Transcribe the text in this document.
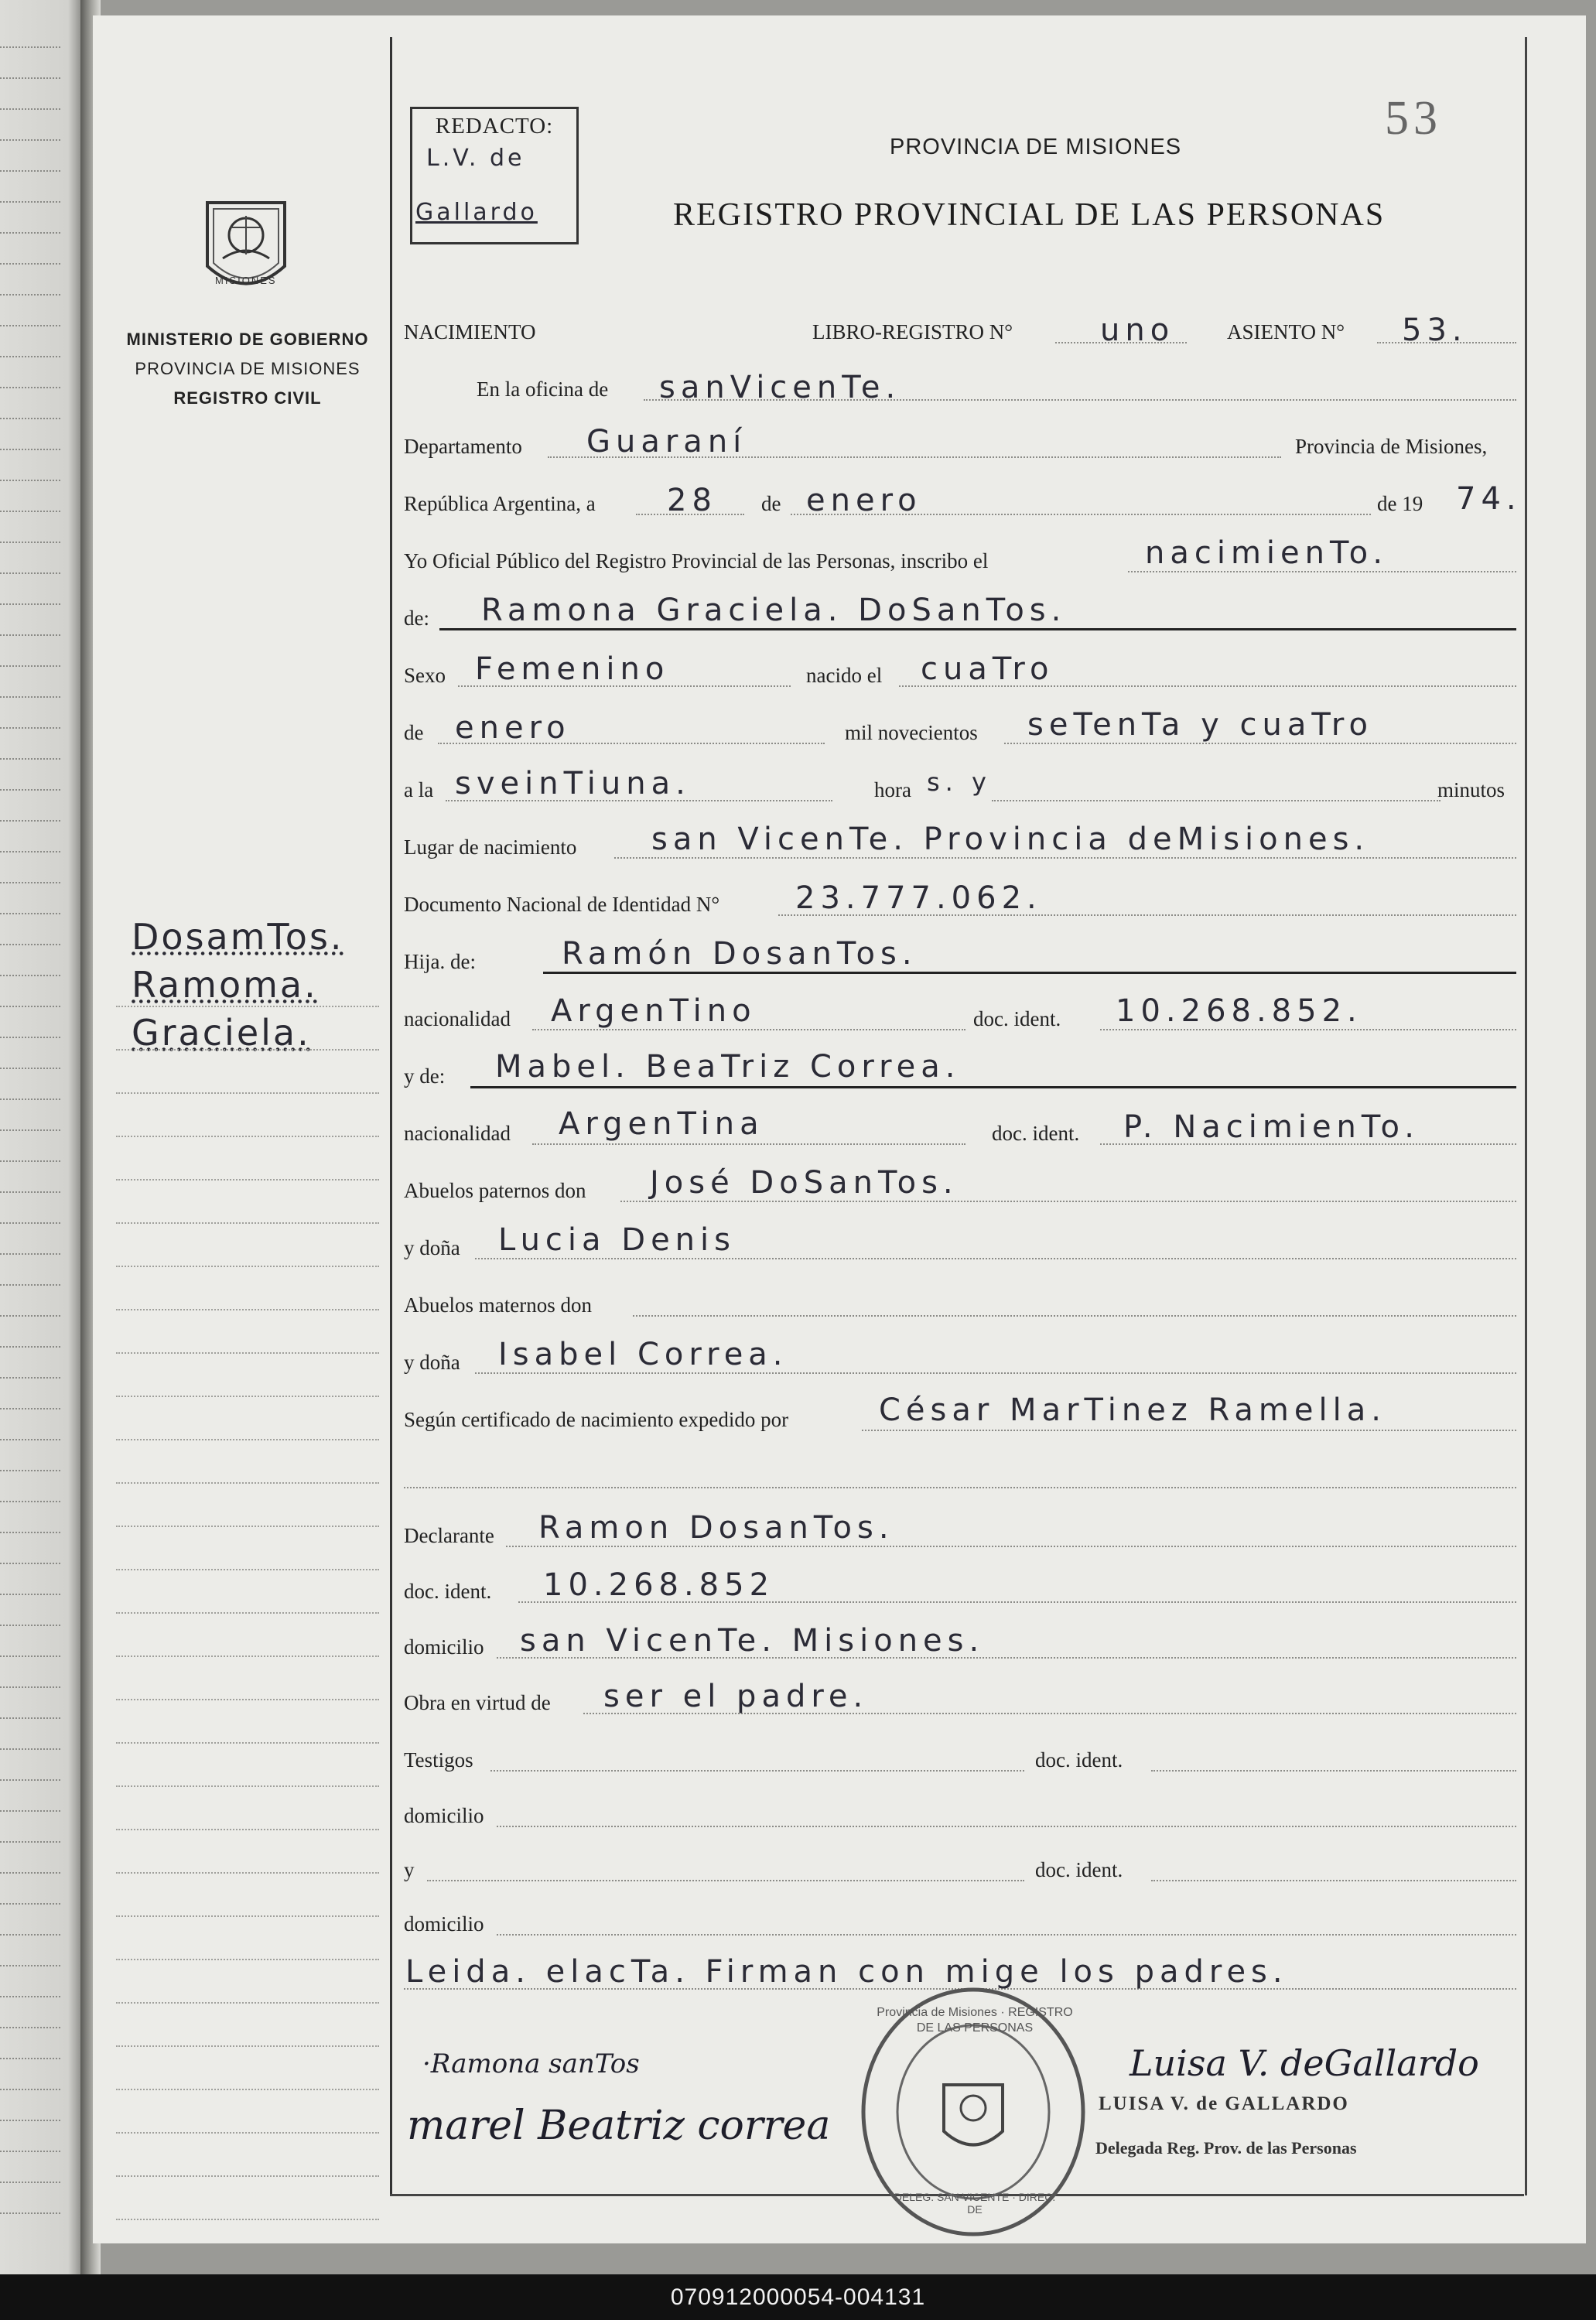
MISIONES
MINISTERIO DE GOBIERNO
PROVINCIA DE MISIONES
REGISTRO CIVIL
DosamTos.
Ramoma.
Graciela.
REDACTO:
L.V. de
Gallardo
53
PROVINCIA DE MISIONES
REGISTRO PROVINCIAL DE LAS PERSONAS
NACIMIENTO	LIBRO-REGISTRO N°	uno	ASIENTO N° 53.
En la oficina de sanVicenTe.
Departamento Guaraní	Provincia de Misiones,
República Argentina, a 28 de enero	de 19 74.
Yo Oficial Público del Registro Provincial de las Personas, inscribo el	nacimienTo.
de: Ramona Graciela. DoSanTos.
Sexo Femenino	nacido el cuaTro
de enero	mil novecientos seTenTa y cuaTro
a la sveinTiuna.	hora s. y	minutos
Lugar de nacimiento san VicenTe. Provincia deMisiones.
Documento Nacional de Identidad N° 23.777.062.
Hija. de:	Ramón DosanTos.
nacionalidad ArgenTino	doc. ident. 10.268.852.
y de: Mabel. BeaTriz Correa.
nacionalidad ArgenTina	doc. ident. P. NacimienTo.
Abuelos paternos don José DoSanTos.
y doña Lucia Denis
Abuelos maternos don
y doña Isabel Correa.
Según certificado de nacimiento expedido por	César MarTinez Ramella.
Declarante Ramon DosanTos.
doc. ident. 10.268.852
domicilio san VicenTe. Misiones.
Obra en virtud de ser el padre.
Testigos	doc. ident.
domicilio
y	doc. ident.
domicilio
Leida. elacTa. Firman con mige los padres.
Provincia de Misiones · REGISTRO DE LAS PERSONAS
DELEG. SAN VICENTE · DIREC. DE
·Ramona sanTos
marel Beatriz correa
Luisa V. deGallardo
LUISA V. de GALLARDO
Delegada Reg. Prov. de las Personas
070912000054-004131
